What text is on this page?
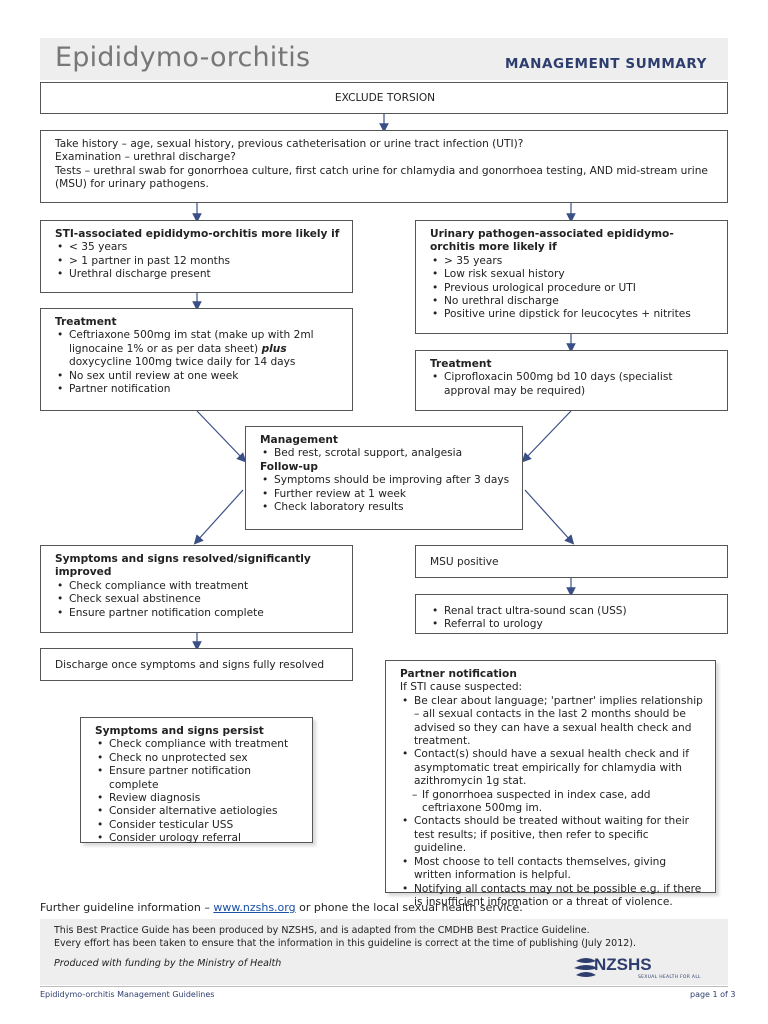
Epididymo-orchitis	MANAGEMENT SUMMARY
EXCLUDE TORSION
Take history – age, sexual history, previous catheterisation or urine tract infection (UTI)?
Examination – urethral discharge?
Tests – urethral swab for gonorrhoea culture, first catch urine for chlamydia and gonorrhoea testing, AND mid-stream urine (MSU) for urinary pathogens.
STI-associated epididymo-orchitis more likely if
• < 35 years
• > 1 partner in past 12 months
• Urethral discharge present
Urinary pathogen-associated epididymo-orchitis more likely if
• > 35 years
• Low risk sexual history
• Previous urological procedure or UTI
• No urethral discharge
• Positive urine dipstick for leucocytes + nitrites
Treatment
• Ceftriaxone 500mg im stat (make up with 2ml lignocaine 1% or as per data sheet) plus doxycycline 100mg twice daily for 14 days
• No sex until review at one week
• Partner notification
Treatment
• Ciprofloxacin 500mg bd 10 days (specialist approval may be required)
Management
• Bed rest, scrotal support, analgesia
Follow-up
• Symptoms should be improving after 3 days
• Further review at 1 week
• Check laboratory results
Symptoms and signs resolved/significantly improved
• Check compliance with treatment
• Check sexual abstinence
• Ensure partner notification complete
MSU positive
• Renal tract ultra-sound scan (USS)
• Referral to urology
Discharge once symptoms and signs fully resolved
Symptoms and signs persist
• Check compliance with treatment
• Check no unprotected sex
• Ensure partner notification complete
• Review diagnosis
• Consider alternative aetiologies
• Consider testicular USS
• Consider urology referral
Partner notification
If STI cause suspected:
• Be clear about language; 'partner' implies relationship – all sexual contacts in the last 2 months should be advised so they can have a sexual health check and treatment.
• Contact(s) should have a sexual health check and if asymptomatic treat empirically for chlamydia with azithromycin 1g stat.
– If gonorrhoea suspected in index case, add ceftriaxone 500mg im.
• Contacts should be treated without waiting for their test results; if positive, then refer to specific guideline.
• Most choose to tell contacts themselves, giving written information is helpful.
• Notifying all contacts may not be possible e.g. if there is insufficient information or a threat of violence.
Further guideline information – www.nzshs.org or phone the local sexual health service.
This Best Practice Guide has been produced by NZSHS, and is adapted from the CMDHB Best Practice Guideline.
Every effort has been taken to ensure that the information in this guideline is correct at the time of publishing (July 2012).
Produced with funding by the Ministry of Health	NZSHS
SEXUAL HEALTH FOR ALL
Epididymo-orchitis Management Guidelines	page 1 of 3
